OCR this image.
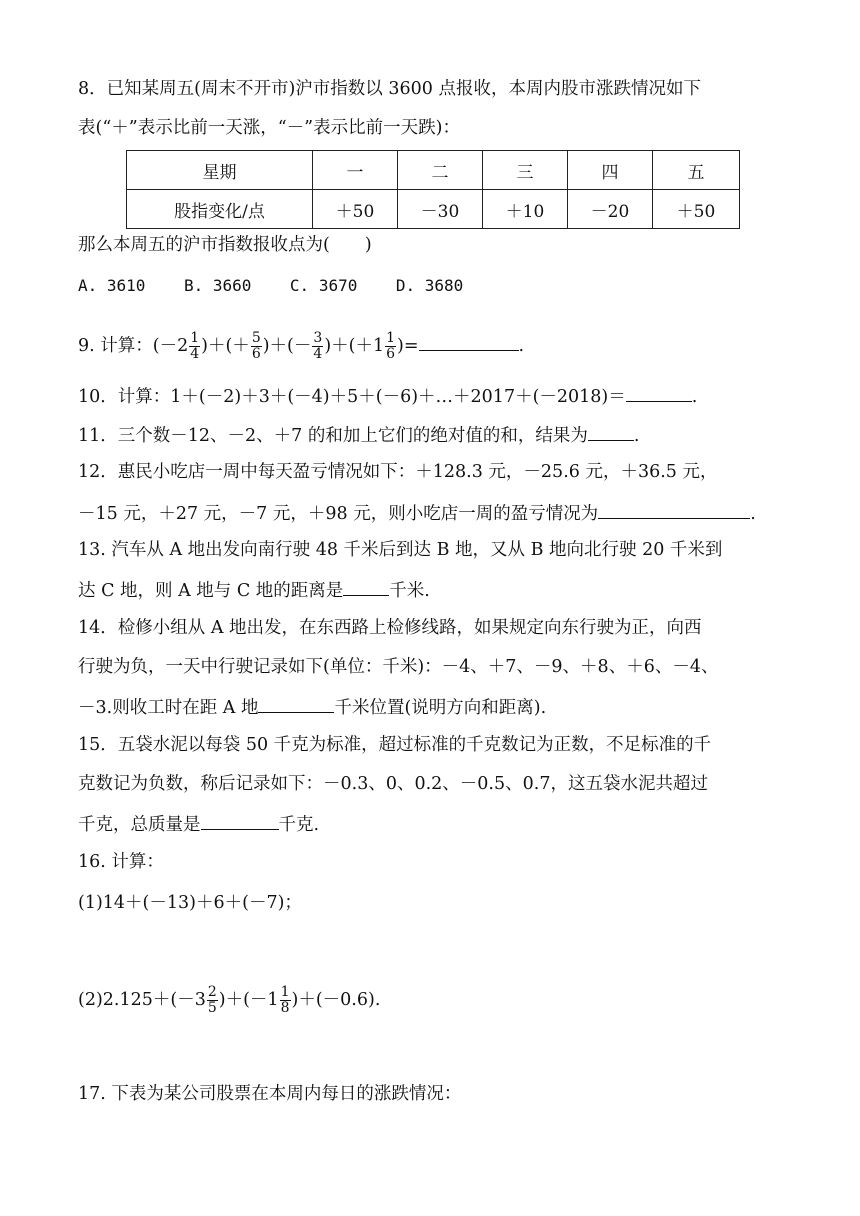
8．已知某周五(周末不开市)沪市指数以 3600 点报收，本周内股市涨跌情况如下
表(“＋”表示比前一天涨，“－”表示比前一天跌)：
星期	一	二	三	四	五
股指变化/点	＋50	－30	＋10	－20	＋50
那么本周五的沪市指数报收点为(　　)
A. 3610    B. 3660    C. 3670    D. 3680
9. 计算：($-2 \frac{1}{4}$ )＋(＋ $\frac{5}{6}$ )＋(－ $\frac{3}{4} )+(+1 \frac{1}{6}$ )=	.
10．计算：1＋(－2)＋3＋(－4)＋5＋(－6)＋…＋2017＋(－2018)＝	.
11．三个数－12、－2、＋7 的和加上它们的绝对值的和，结果为	.
12．惠民小吃店一周中每天盈亏情况如下：＋128.3 元，－25.6 元，＋36.5 元，
－15 元，＋27 元，－7 元，＋98 元，则小吃店一周的盈亏情况为	.
13. 汽车从 A 地出发向南行驶 48 千米后到达 B 地，又从 B 地向北行驶 20 千米到
达 C 地，则 A 地与 C 地的距离是	千米.
14．检修小组从 A 地出发，在东西路上检修线路，如果规定向东行驶为正，向西
行驶为负，一天中行驶记录如下(单位：千米)：－4、＋7、－9、＋8、＋6、－4、
－3.则收工时在距 A 地	千米位置(说明方向和距离).
15．五袋水泥以每袋 50 千克为标准，超过标准的千克数记为正数，不足标准的千
克数记为负数，称后记录如下：－0.3、0、0.2、－0.5、0.7，这五袋水泥共超过
千克，总质量是	千克.
16. 计算：
(1)14＋(－13)＋6＋(－7)；
$(2)2.125+(-3 \frac{2}{5} )+(-1 \frac{1}{8} )+(-0.6)$.
17. 下表为某公司股票在本周内每日的涨跌情况：
